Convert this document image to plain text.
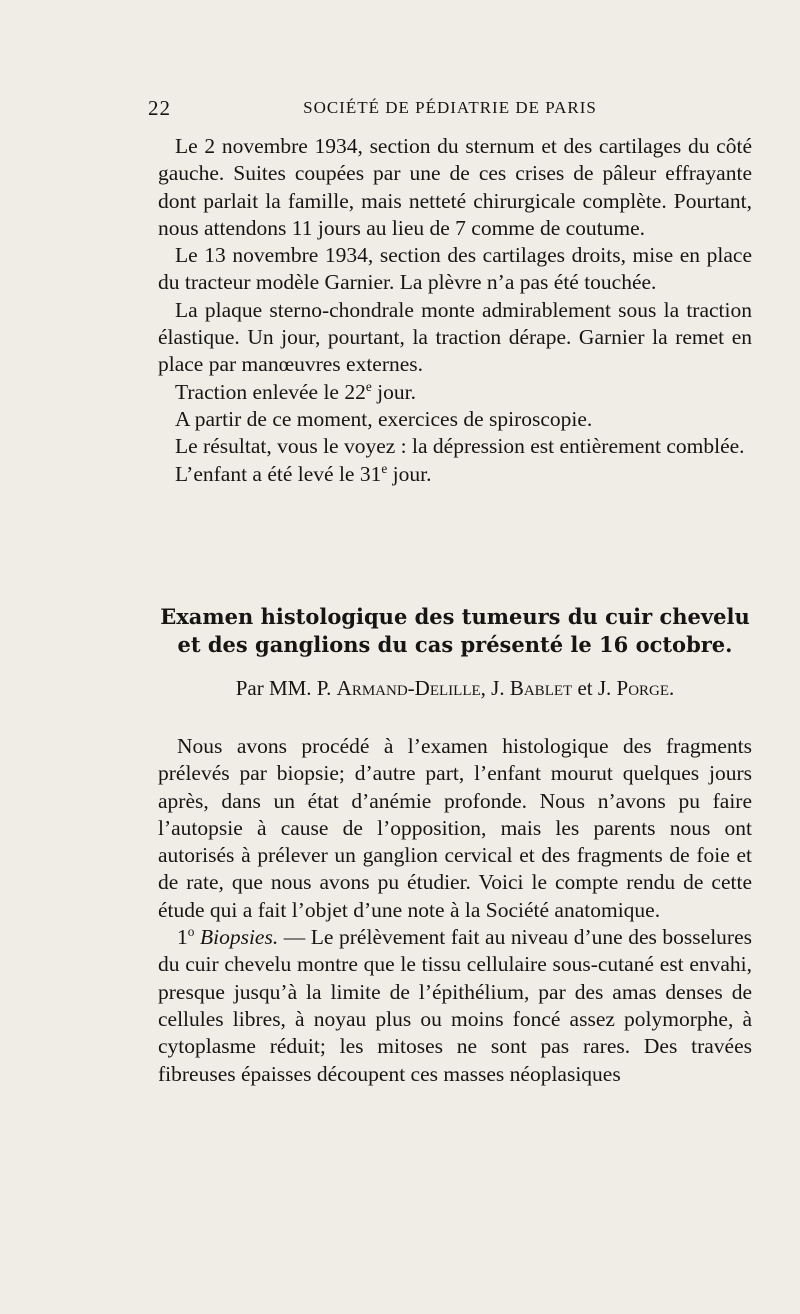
22	SOCIÉTÉ DE PÉDIATRIE DE PARIS

Le 2 novembre 1934, section du sternum et des cartilages du côté gauche. Suites coupées par une de ces crises de pâleur effrayante dont parlait la famille, mais netteté chirurgicale complète. Pourtant, nous attendons 11 jours au lieu de 7 comme de coutume.

Le 13 novembre 1934, section des cartilages droits, mise en place du tracteur modèle Garnier. La plèvre n’a pas été touchée.

La plaque sterno-chondrale monte admirablement sous la traction élastique. Un jour, pourtant, la traction dérape. Garnier la remet en place par manœuvres externes.

Traction enlevée le 22e jour.

A partir de ce moment, exercices de spiroscopie.

Le résultat, vous le voyez : la dépression est entièrement comblée.

L’enfant a été levé le 31e jour.

Examen histologique des tumeurs du cuir chevelu
et des ganglions du cas présenté le 16 octobre.
Par MM. P. Armand-Delille, J. Bablet et J. Porge.

Nous avons procédé à l’examen histologique des fragments prélevés par biopsie; d’autre part, l’enfant mourut quelques jours après, dans un état d’anémie profonde. Nous n’avons pu faire l’autopsie à cause de l’opposition, mais les parents nous ont autorisés à prélever un ganglion cervical et des fragments de foie et de rate, que nous avons pu étudier. Voici le compte rendu de cette étude qui a fait l’objet d’une note à la Société anatomique.

1$^o$ Biopsies. — Le prélèvement fait au niveau d’une des bosselures du cuir chevelu montre que le tissu cellulaire sous-cutané est envahi, presque jusqu’à la limite de l’épithélium, par des amas denses de cellules libres, à noyau plus ou moins foncé assez polymorphe, à cytoplasme réduit; les mitoses ne sont pas rares. Des travées fibreuses épaisses découpent ces masses néoplasiques
